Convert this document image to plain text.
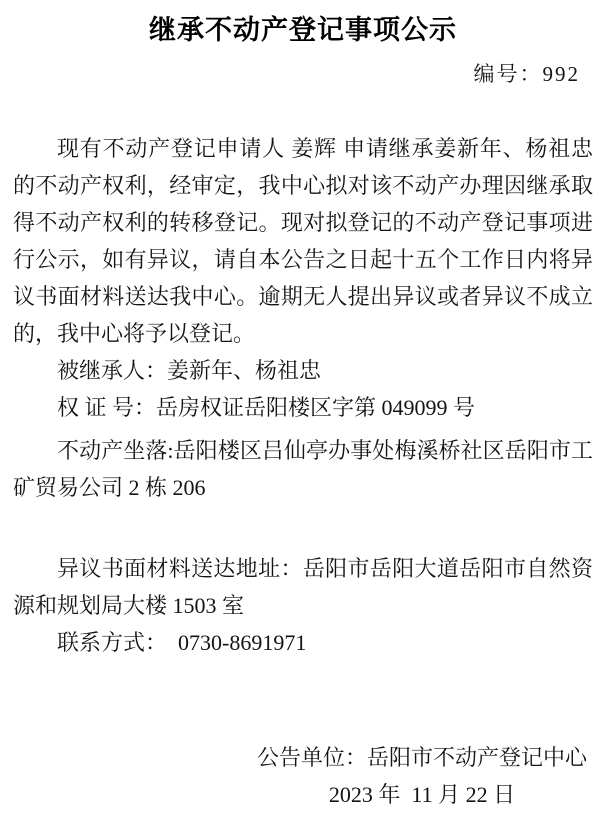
继承不动产登记事项公示
编号：992

现有不动产登记申请人 姜辉 申请继承姜新年、杨祖忠 的不动产权利，经审定，我中心拟对该不动产办理因继承取得不动产权利的转移登记。现对拟登记的不动产登记事项进行公示，如有异议，请自本公告之日起十五个工作日内将异议书面材料送达我中心。逾期无人提出异议或者异议不成立的，我中心将予以登记。

被继承人：姜新年、杨祖忠

权 证 号：岳房权证岳阳楼区字第 049099 号

不动产坐落:岳阳楼区吕仙亭办事处梅溪桥社区岳阳市工矿贸易公司 2 栋 206

异议书面材料送达地址：岳阳市岳阳大道岳阳市自然资源和规划局大楼 1503 室

联系方式：  0730-8691971

公告单位：岳阳市不动产登记中心
2023 年  11 月 22 日
